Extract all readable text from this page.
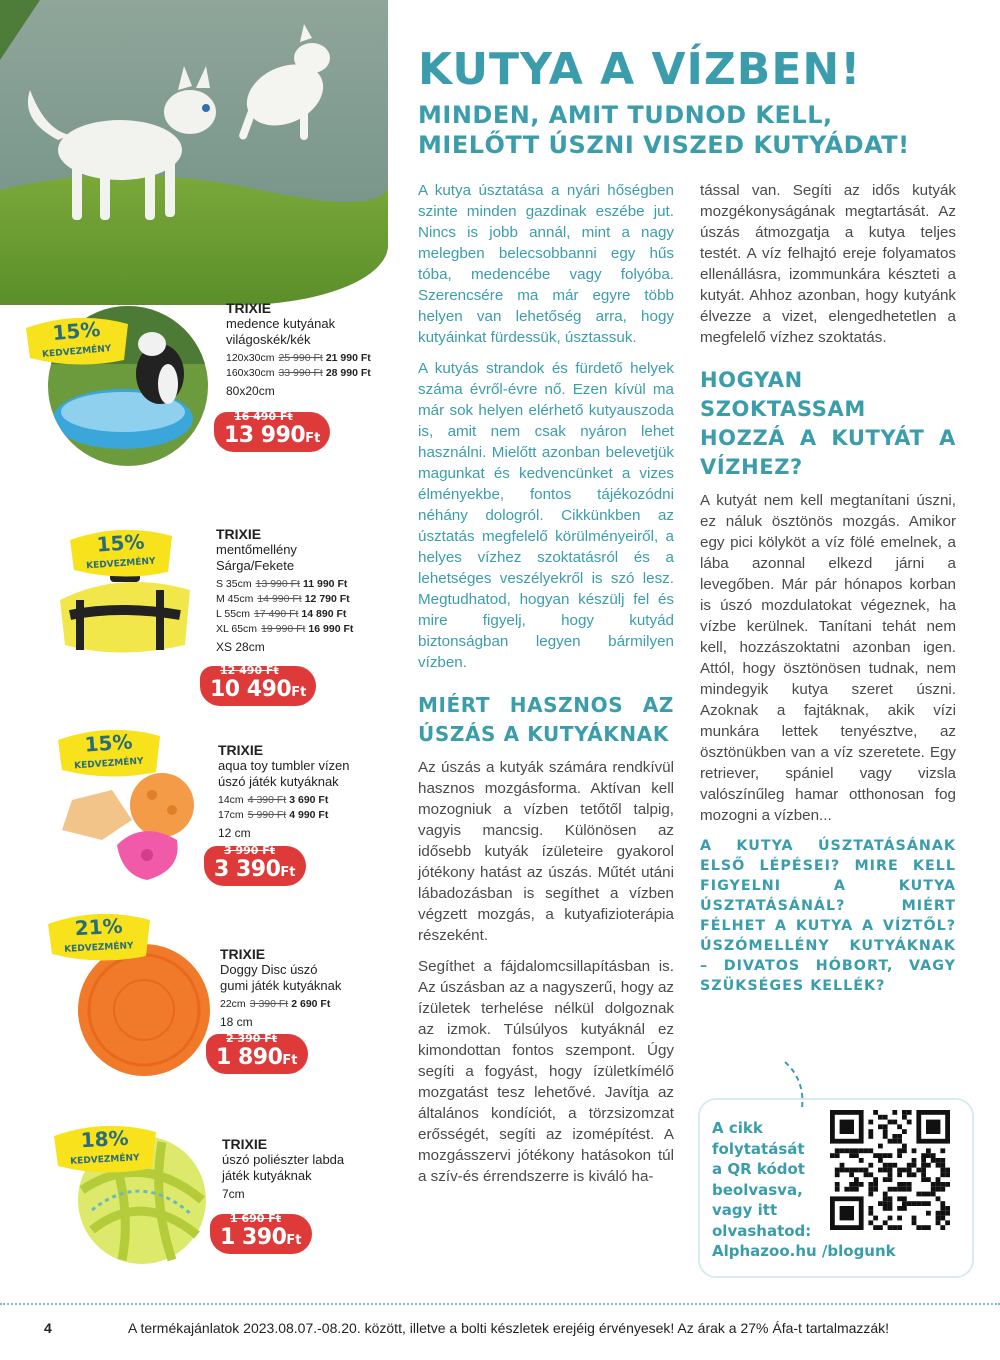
KUTYA A VÍZBEN!
MINDEN, AMIT TUDNOD KELL,
MIELŐTT ÚSZNI VISZED KUTYÁDAT!

A kutya úsztatása a nyári hőségben szinte minden gazdinak eszébe jut. Nincs is jobb annál, mint a nagy melegben belecsobbanni egy hűs tóba, medencébe vagy folyóba. Szerencsére ma már egyre több helyen van lehetőség arra, hogy kutyáinkat fürdessük, úsztassuk.

A kutyás strandok és fürdető helyek száma évről-évre nő. Ezen kívül ma már sok helyen elérhető kutyauszoda is, amit nem csak nyáron lehet használni. Mielőtt azonban belevetjük magunkat és kedvencünket a vizes élményekbe, fontos tájékozódni néhány dologról. Cikkünkben az úsztatás megfelelő körülményeiről, a helyes vízhez szoktatásról és a lehetséges veszélyekről is szó lesz. Megtudhatod, hogyan készülj fel és mire figyelj, hogy kutyád biztonságban legyen bármilyen vízben.

MIÉRT HASZNOS AZ ÚSZÁS A KUTYÁKNAK

Az úszás a kutyák számára rendkívül hasznos mozgásforma. Aktívan kell mozogniuk a vízben tetőtől talpig, vagyis mancsig. Különösen az idősebb kutyák ízületeire gyakorol jótékony hatást az úszás. Műtét utáni lábadozásban is segíthet a vízben végzett mozgás, a kutyafizioterápia részeként.

Segíthet a fájdalomcsillapításban is. Az úszásban az a nagyszerű, hogy az ízületek terhelése nélkül dolgoznak az izmok. Túlsúlyos kutyáknál ez kimondottan fontos szempont. Úgy segíti a fogyást, hogy ízületkímélő mozgatást tesz lehetővé. Javítja az általános kondíciót, a törzsizomzat erősségét, segíti az izomépítést. A mozgásszervi jótékony hatásokon túl a szív-és érrendszerre is kiváló ha-

tással van. Segíti az idős kutyák mozgékonyságának megtartását. Az úszás átmozgatja a kutya teljes testét. A víz felhajtó ereje folyamatos ellenállásra, izommunkára készteti a kutyát. Ahhoz azonban, hogy kutyánk élvezze a vizet, elengedhetetlen a megfelelő vízhez szoktatás.

HOGYAN SZOKTASSAM HOZZÁ A KUTYÁT A VÍZHEZ?

A kutyát nem kell megtanítani úszni, ez náluk ösztönös mozgás. Amikor egy pici kölyköt a víz fölé emelnek, a lába azonnal elkezd járni a levegőben. Már pár hónapos korban is úszó mozdulatokat végeznek, ha vízbe kerülnek. Tanítani tehát nem kell, hozzászoktatni azonban igen. Attól, hogy ösztönösen tudnak, nem mindegyik kutya szeret úszni. Azoknak a fajtáknak, akik vízi munkára lettek tenyésztve, az ösztönükben van a víz szeretete. Egy retriever, spániel vagy vizsla valószínűleg hamar otthonosan fog mozogni a vízben...

A KUTYA ÚSZTATÁSÁNAK ELSŐ LÉPÉSEI? MIRE KELL FIGYELNI A KUTYA ÚSZTATÁSÁNÁL? MIÉRT FÉLHET A KUTYA A VÍZTŐL? ÚSZÓMELLÉNY KUTYÁKNAK – DIVATOS HÓBORT, VAGY SZÜKSÉGES KELLÉK?

A cikk
folytatását
a QR kódot
beolvasva,
vagy itt
olvashatod:
Alphazoo.hu /blogunk
15%
KEDVEZMÉNY

TRIXIE

medence kutyának

világoskék/kék

120x30cm 25 990 Ft 21 990 Ft
160x30cm 33 990 Ft 28 990 Ft

80x20cm

16 490 Ft
13 990Ft
15%
KEDVEZMÉNY

TRIXIE

mentőmellény

Sárga/Fekete

S 35cm 13 990 Ft 11 990 Ft
M 45cm 14 990 Ft 12 790 Ft
L 55cm 17 490 Ft 14 890 Ft
XL 65cm 19 990 Ft 16 990 Ft

XS 28cm

12 490 Ft
10 490Ft
15%
KEDVEZMÉNY

TRIXIE

aqua toy tumbler vízen

úszó játék kutyáknak

14cm 4 390 Ft 3 690 Ft
17cm 5 990 Ft 4 990 Ft

12 cm

3 990 Ft
3 390Ft
21%
KEDVEZMÉNY	TRIXIE

Doggy Disc úszó

gumi játék kutyáknak

22cm 3 390 Ft 2 690 Ft

18 cm

2 390 Ft
1 890Ft
18%
KEDVEZMÉNY

TRIXIE

úszó poliészter labda

játék kutyáknak

7cm

1 690 Ft
1 390Ft
4	A termékajánlatok 2023.08.07.-08.20. között, illetve a bolti készletek erejéig érvényesek! Az árak a 27% Áfa-t tartalmazzák!
